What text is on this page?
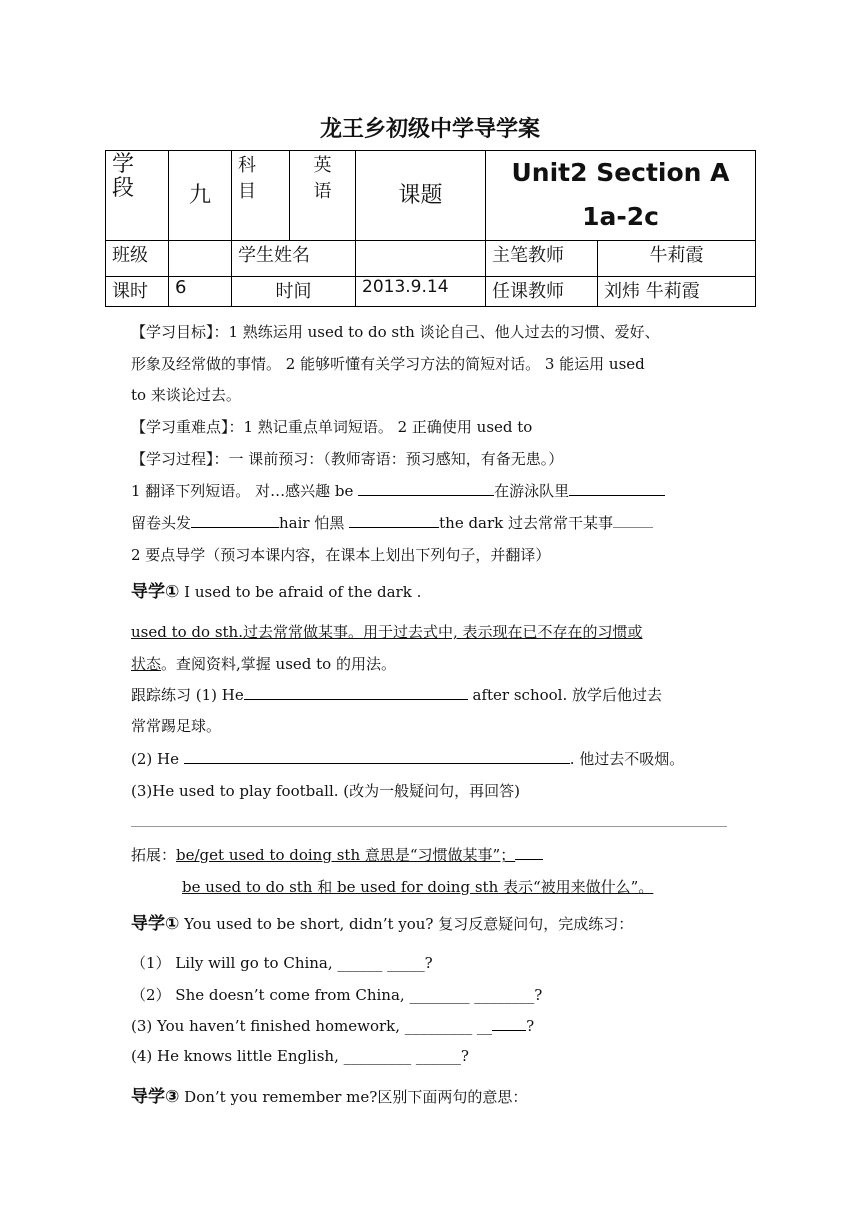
龙王乡初级中学导学案
学段	九	科目	英语	课题	Unit2 Section A
1a-2c	

班级		学生姓名			主笔教师	牛莉霞
课时	6	时间		2013.9.14	任课教师	刘炜 牛莉霞
【学习目标】：1 熟练运用 used to do sth 谈论自己、他人过去的习惯、爱好、
形象及经常做的事情。 2 能够听懂有关学习方法的简短对话。 3 能运用 used
to 来谈论过去。
【学习重难点】：1 熟记重点单词短语。 2 正确使用 used to
【学习过程】：一 课前预习：（教师寄语：预习感知，有备无患。）
1 翻译下列短语。 对…感兴趣 be	在游泳队里
留卷头发	hair 怕黑	the dark 过去常常干某事
2 要点导学（预习本课内容，在课本上划出下列句子，并翻译）
导学① I used to be afraid of the dark .
used to do sth.过去常常做某事。用于过去式中, 表示现在已不存在的习惯或
状态。查阅资料,掌握 used to 的用法。
跟踪练习 (1) He	after school. 放学后他过去
常常踢足球。
(2) He	. 他过去不吸烟。
(3)He used to play football. (改为一般疑问句，再回答)
拓展：be/get used to doing sth 意思是“习惯做某事”；
be used to do sth 和 be used for doing sth 表示“被用来做什么”。
导学① You used to be short, didn’t you? 复习反意疑问句，完成练习：
（1） Lily will go to China, ______ _____?
（2） She doesn’t come from China, ________ ________?
(3) You haven’t finished homework, _________ __ ?
(4) He knows little English, _________ ______?
导学③ Don’t you remember me?区别下面两句的意思：
